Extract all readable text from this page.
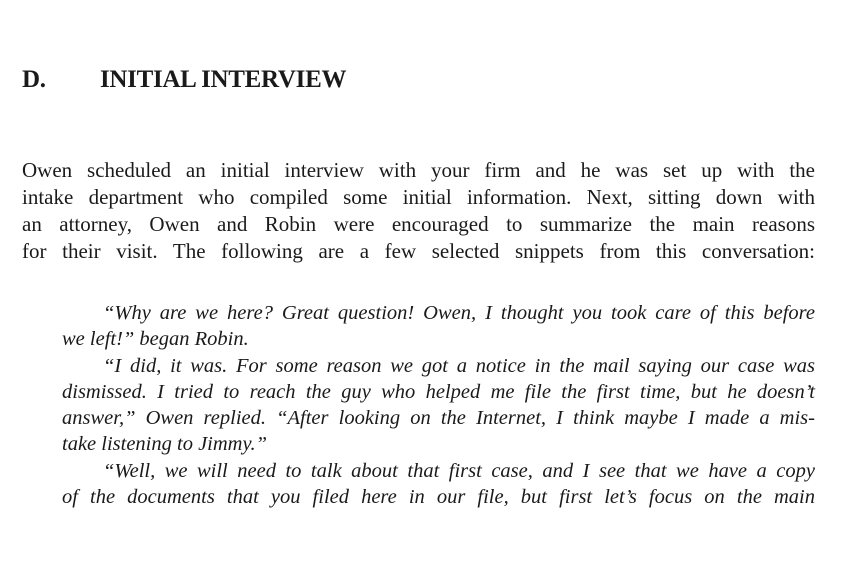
D. INITIAL INTERVIEW
Owen scheduled an initial interview with your firm and he was set up with the
intake department who compiled some initial information. Next, sitting down with
an attorney, Owen and Robin were encouraged to summarize the main reasons
for their visit. The following are a few selected snippets from this conversation:
“Why are we here? Great question! Owen, I thought you took care of this before
we left!” began Robin.
“I did, it was. For some reason we got a notice in the mail saying our case was
dismissed. I tried to reach the guy who helped me file the first time, but he doesn’t
answer,” Owen replied. “After looking on the Internet, I think maybe I made a mis-
take listening to Jimmy.”
“Well, we will need to talk about that first case, and I see that we have a copy
of the documents that you filed here in our file, but first let’s focus on the main
